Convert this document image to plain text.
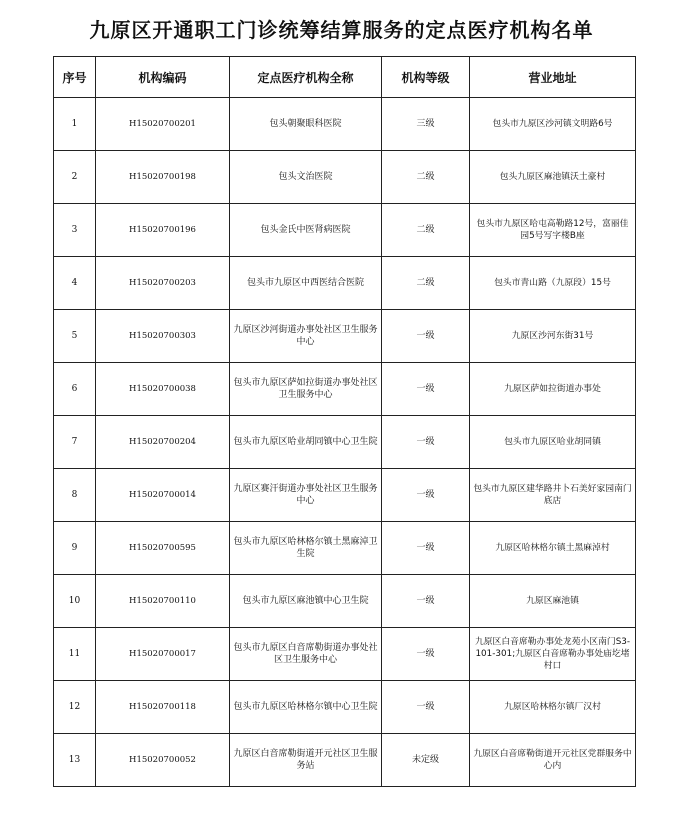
九原区开通职工门诊统筹结算服务的定点医疗机构名单
序号	机构编码	定点医疗机构全称	机构等级	营业地址
1	H15020700201	包头朝聚眼科医院	三级	包头市九原区沙河镇文明路6号
2	H15020700198	包头文治医院	二级	包头九原区麻池镇沃土豪村
3	H15020700196	包头金氏中医肾病医院	二级	包头市九原区哈屯高勒路12号，富丽佳园5号写字楼B座
4	H15020700203	包头市九原区中西医结合医院	二级	包头市青山路（九原段）15号
5	H15020700303	九原区沙河街道办事处社区卫生服务中心	一级	九原区沙河东街31号
6	H15020700038	包头市九原区萨如拉街道办事处社区卫生服务中心	一级	九原区萨如拉街道办事处
7	H15020700204	包头市九原区哈业胡同镇中心卫生院	一级	包头市九原区哈业胡同镇
8	H15020700014	九原区赛汗街道办事处社区卫生服务中心	一级	包头市九原区建华路井卜石美好家园南门底店
9	H15020700595	包头市九原区哈林格尔镇土黑麻淖卫生院	一级	九原区哈林格尔镇土黑麻淖村
10	H15020700110	包头市九原区麻池镇中心卫生院	一级	九原区麻池镇
11	H15020700017	包头市九原区白音席勒街道办事处社区卫生服务中心	一级	九原区白音席勒办事处龙苑小区南门S3-101-301;九原区白音席勒办事处庙圪堵村口
12	H15020700118	包头市九原区哈林格尔镇中心卫生院	一级	九原区哈林格尔镇厂汉村
13	H15020700052	九原区白音席勒街道开元社区卫生服务站	未定级	九原区白音席勒街道开元社区党群服务中心内
